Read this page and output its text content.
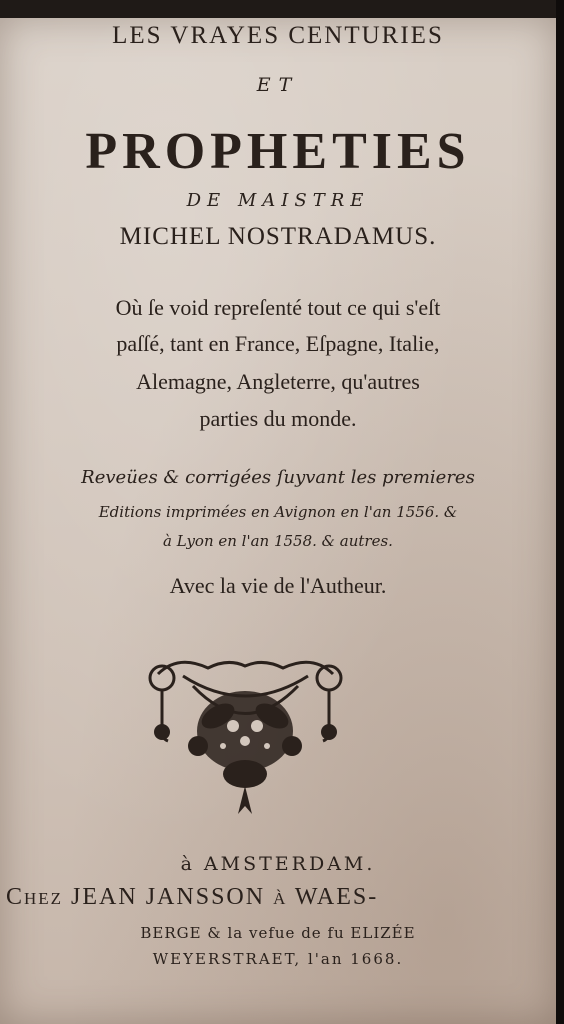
LES VRAYES CENTURIES
ET
PROPHETIES
DE MAISTRE
MICHEL NOSTRADAMUS.
Où ſe void repreſenté tout ce qui s'eſt
paſſé, tant en France, Eſpagne, Italie,
Alemagne, Angleterre, qu'autres
parties du monde.
Reveües & corrigées ſuyvant les premieres
Editions imprimées en Avignon en l'an 1556. &
à Lyon en l'an 1558. & autres.
Avec la vie de l'Autheur.
à AMSTERDAM.
Chez JEAN JANSSON à WAES-
BERGE & la vefue de fu ELIZÉE
WEYERSTRAET, l'an 1668.
